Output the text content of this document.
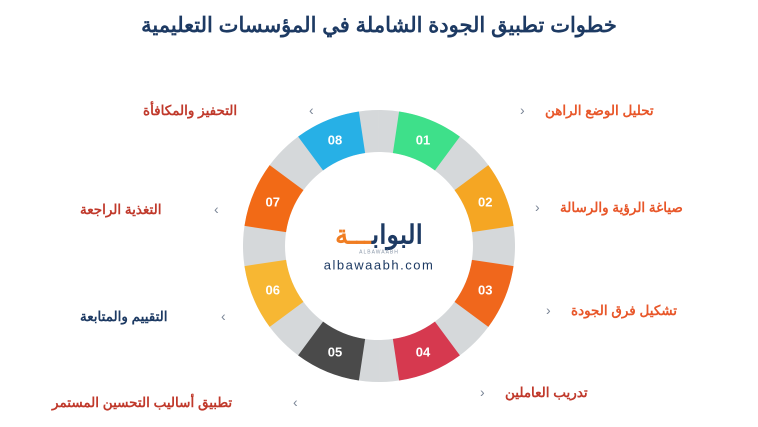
خطوات تطبيق الجودة الشاملة في المؤسسات التعليمية
البوابـــة
ALBAWAABH
albawaabh.com
01
02
03
04
05
06
07
08
تحليل الوضع الراهن
‹
صياغة الرؤية والرسالة
‹
تشكيل فرق الجودة
‹
تدريب العاملين
‹
تطبيق أساليب التحسين المستمر	›
التقييم والمتابعة	›
التغذية الراجعة	›
التحفيز والمكافأة	›
